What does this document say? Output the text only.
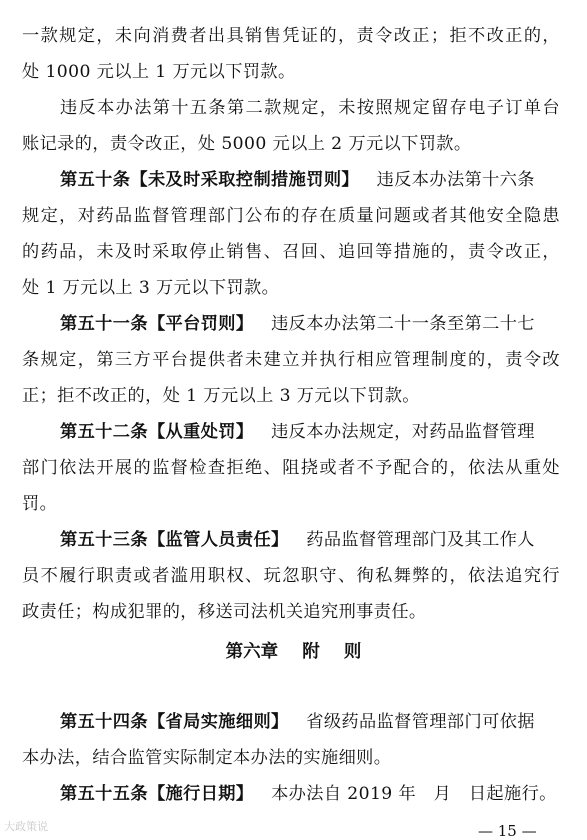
一款规定，未向消费者出具销售凭证的，责令改正；拒不改正的，
处 1000 元以上 1 万元以下罚款。
违反本办法第十五条第二款规定，未按照规定留存电子订单台
账记录的，责令改正，处 5000 元以上 2 万元以下罚款。
第五十条【未及时采取控制措施罚则】 违反本办法第十六条
规定，对药品监督管理部门公布的存在质量问题或者其他安全隐患
的药品，未及时采取停止销售、召回、追回等措施的，责令改正，
处 1 万元以上 3 万元以下罚款。
第五十一条【平台罚则】 违反本办法第二十一条至第二十七
条规定，第三方平台提供者未建立并执行相应管理制度的，责令改
正；拒不改正的，处 1 万元以上 3 万元以下罚款。
第五十二条【从重处罚】 违反本办法规定，对药品监督管理
部门依法开展的监督检查拒绝、阻挠或者不予配合的，依法从重处
罚。
第五十三条【监管人员责任】 药品监督管理部门及其工作人
员不履行职责或者滥用职权、玩忽职守、徇私舞弊的，依法追究行
政责任；构成犯罪的，移送司法机关追究刑事责任。
第六章 附 则
第五十四条【省局实施细则】 省级药品监督管理部门可依据
本办法，结合监管实际制定本办法的实施细则。
第五十五条【施行日期】 本办法自 2019 年　月　日起施行。
大政策说	— 15 —
